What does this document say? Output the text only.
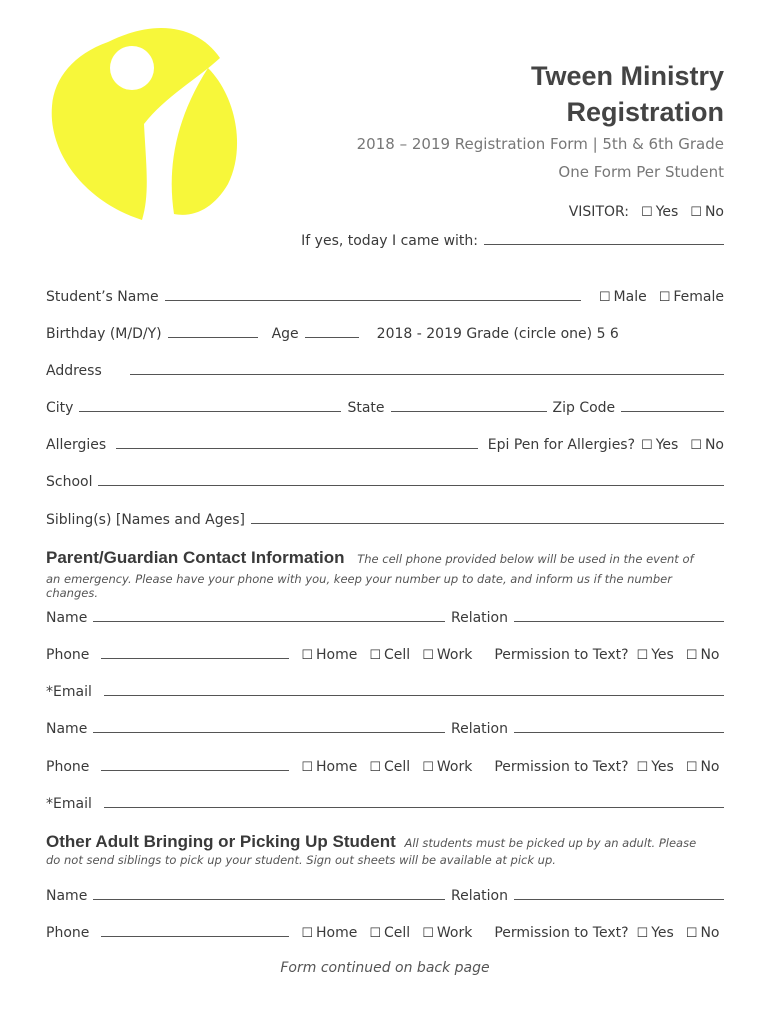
Tween Ministry
Registration
2018 – 2019 Registration Form | 5th & 6th Grade
One Form Per Student
VISITOR: ☐ Yes ☐ No
If yes, today I came with:
Student’s Name	☐ Male ☐ Female
Birthday (M/D/Y)	Age	2018 - 2019 Grade (circle one) 5 6
Address
City	State	Zip Code
Allergies	Epi Pen for Allergies? ☐ Yes ☐ No
School
Sibling(s) [Names and Ages]
Parent/Guardian Contact Information The cell phone provided below will be used in the event of
an emergency. Please have your phone with you, keep your number up to date, and inform us if the number changes.
Name	Relation
Phone	☐ Home ☐ Cell ☐ Work Permission to Text? ☐ Yes ☐ No
*Email
Name	Relation
Phone	☐ Home ☐ Cell ☐ Work Permission to Text? ☐ Yes ☐ No
*Email
Other Adult Bringing or Picking Up Student All students must be picked up by an adult. Please
do not send siblings to pick up your student. Sign out sheets will be available at pick up.
Name	Relation
Phone	☐ Home ☐ Cell ☐ Work Permission to Text? ☐ Yes ☐ No
Form continued on back page
